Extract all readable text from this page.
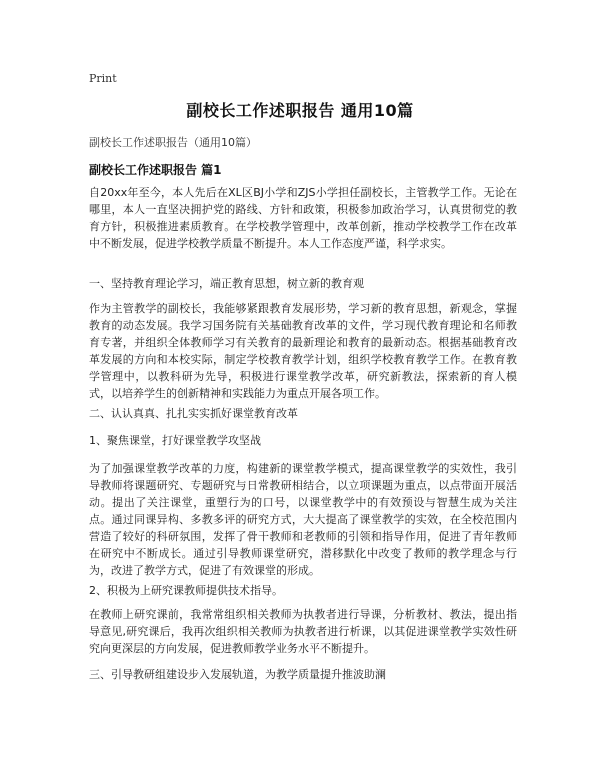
Print
副校长工作述职报告 通用10篇
副校长工作述职报告（通用10篇）
副校长工作述职报告 篇1

自20xx年至今，本人先后在XL区BJ小学和ZJS小学担任副校长，主管教学工作。无论在哪里，本人一直坚决拥护党的路线、方针和政策，积极参加政治学习，认真贯彻党的教育方针，积极推进素质教育。在学校教学管理中，改革创新，推动学校教学工作在改革中不断发展，促进学校教学质量不断提升。本人工作态度严谨，科学求实。

一、坚持教育理论学习，端正教育思想，树立新的教育观

作为主管教学的副校长，我能够紧跟教育发展形势，学习新的教育思想，新观念，掌握教育的动态发展。我学习国务院有关基础教育改革的文件，学习现代教育理论和名师教育专著，并组织全体教师学习有关教育的最新理论和教育的最新动态。根据基础教育改革发展的方向和本校实际，制定学校教育教学计划，组织学校教育教学工作。在教育教学管理中，以教科研为先导，积极进行课堂教学改革，研究新教法，探索新的育人模式，以培养学生的创新精神和实践能力为重点开展各项工作。

二、认认真真、扎扎实实抓好课堂教育改革
1、聚焦课堂，打好课堂教学攻坚战

为了加强课堂教学改革的力度，构建新的课堂教学模式，提高课堂教学的实效性，我引导教师将课题研究、专题研究与日常教研相结合，以立项课题为重点，以点带面开展活动。提出了关注课堂，重塑行为的口号，以课堂教学中的有效预设与智慧生成为关注点。通过同课异构、多教多评的研究方式，大大提高了课堂教学的实效，在全校范围内营造了较好的科研氛围，发挥了骨干教师和老教师的引领和指导作用，促进了青年教师在研究中不断成长。通过引导教师课堂研究，潜移默化中改变了教师的教学理念与行为，改进了教学方式，促进了有效课堂的形成。

2、积极为上研究课教师提供技术指导。

在教师上研究课前，我常常组织相关教师为执教者进行导课，分析教材、教法，提出指导意见,研究课后，我再次组织相关教师为执教者进行析课，以其促进课堂教学实效性研究向更深层的方向发展，促进教师教学业务水平不断提升。

三、引导教研组建设步入发展轨道，为教学质量提升推波助澜
